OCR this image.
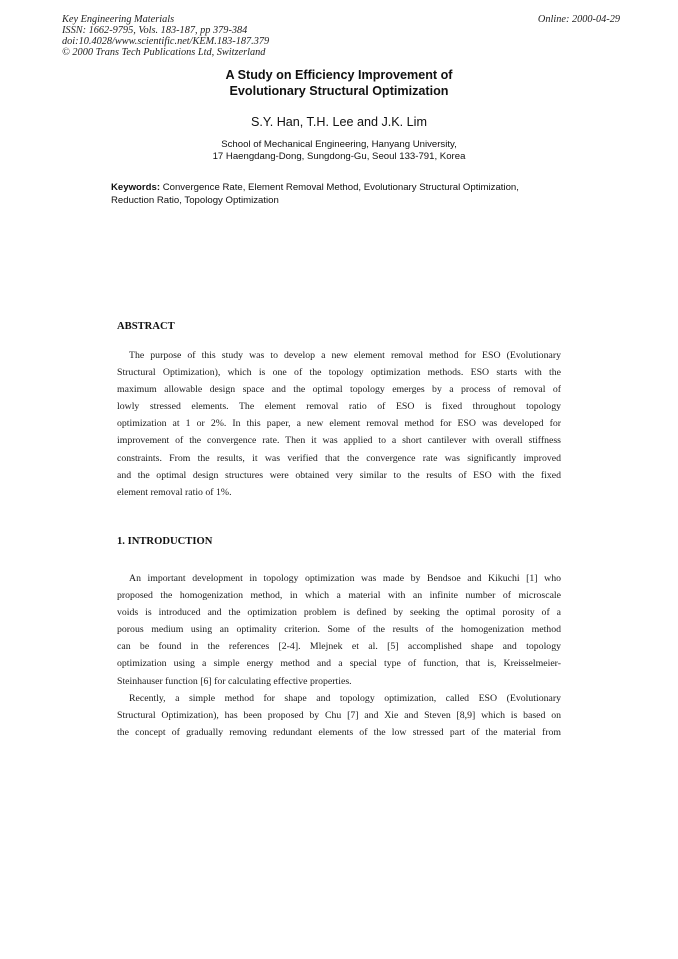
Key Engineering Materials
ISSN: 1662-9795, Vols. 183-187, pp 379-384
doi:10.4028/www.scientific.net/KEM.183-187.379
© 2000 Trans Tech Publications Ltd, Switzerland
Online: 2000-04-29
A Study on Efficiency Improvement of
Evolutionary Structural Optimization
S.Y. Han, T.H. Lee and J.K. Lim
School of Mechanical Engineering, Hanyang University,
17 Haengdang-Dong, Sungdong-Gu, Seoul 133-791, Korea
Keywords: Convergence Rate, Element Removal Method, Evolutionary Structural Optimization,
Reduction Ratio, Topology Optimization
ABSTRACT
The purpose of this study was to develop a new element removal method for ESO (Evolutionary
Structural Optimization), which is one of the topology optimization methods. ESO starts with the
maximum allowable design space and the optimal topology emerges by a process of removal of
lowly stressed elements. The element removal ratio of ESO is fixed throughout topology
optimization at 1 or 2%. In this paper, a new element removal method for ESO was developed for
improvement of the convergence rate. Then it was applied to a short cantilever with overall stiffness
constraints. From the results, it was verified that the convergence rate was significantly improved
and the optimal design structures were obtained very similar to the results of ESO with the fixed
element removal ratio of 1%.
1. INTRODUCTION
An important development in topology optimization was made by Bendsoe and Kikuchi [1] who
proposed the homogenization method, in which a material with an infinite number of microscale
voids is introduced and the optimization problem is defined by seeking the optimal porosity of a
porous medium using an optimality criterion. Some of the results of the homogenization method
can be found in the references [2-4]. Mlejnek et al. [5] accomplished shape and topology
optimization using a simple energy method and a special type of function, that is, Kreisselmeier-
Steinhauser function [6] for calculating effective properties.
Recently, a simple method for shape and topology optimization, called ESO (Evolutionary
Structural Optimization), has been proposed by Chu [7] and Xie and Steven [8,9] which is based on
the concept of gradually removing redundant elements of the low stressed part of the material from
